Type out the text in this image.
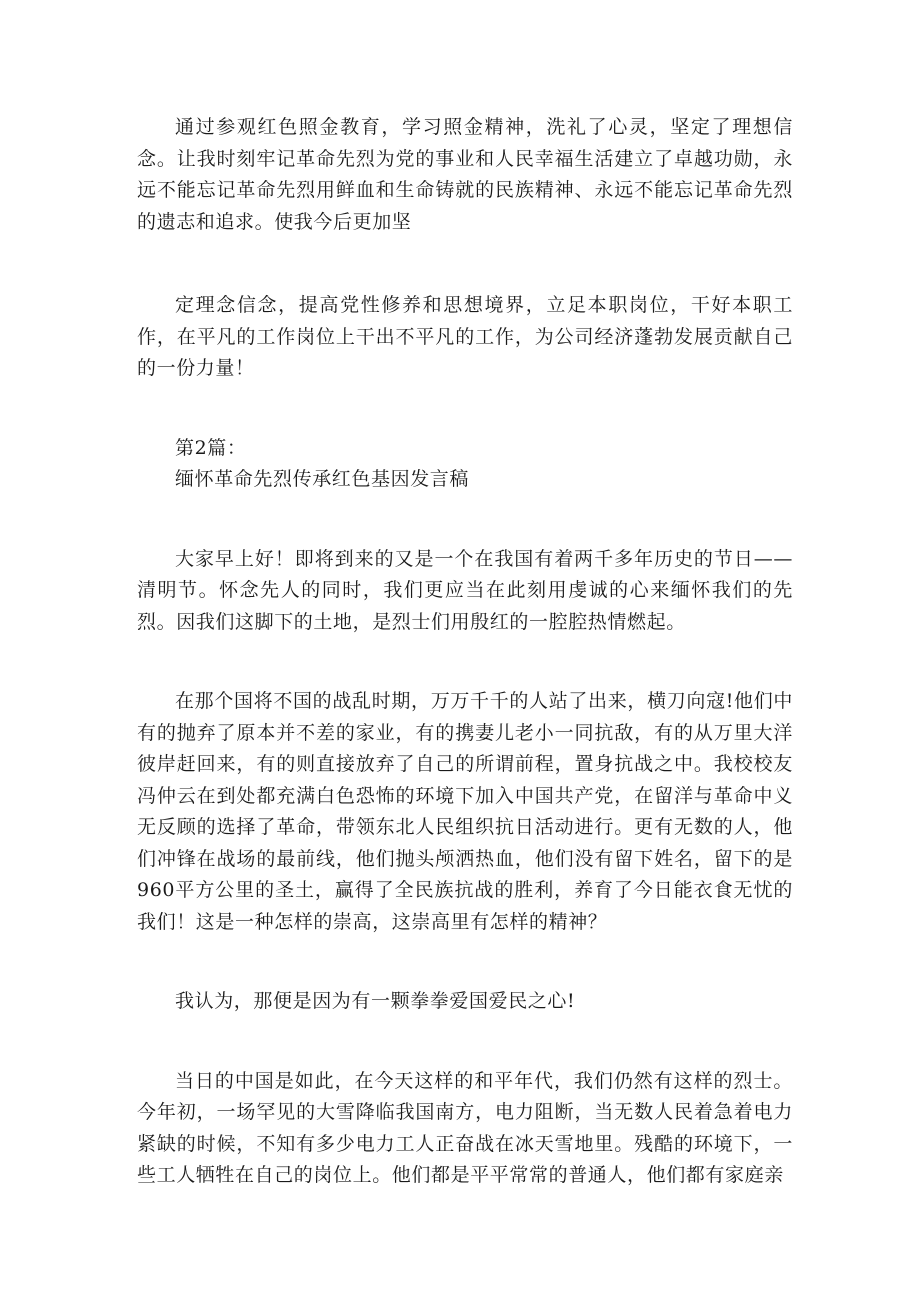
通过参观红色照金教育，学习照金精神，洗礼了心灵，坚定了理想信念。让我时刻牢记革命先烈为党的事业和人民幸福生活建立了卓越功勋，永远不能忘记革命先烈用鲜血和生命铸就的民族精神、永远不能忘记革命先烈的遗志和追求。使我今后更加坚

定理念信念，提高党性修养和思想境界，立足本职岗位，干好本职工作，在平凡的工作岗位上干出不平凡的工作，为公司经济蓬勃发展贡献自己的一份力量！

第2篇：

缅怀革命先烈传承红色基因发言稿

大家早上好！即将到来的又是一个在我国有着两千多年历史的节日——清明节。怀念先人的同时，我们更应当在此刻用虔诚的心来缅怀我们的先烈。因我们这脚下的土地，是烈士们用殷红的一腔腔热情燃起。

在那个国将不国的战乱时期，万万千千的人站了出来，横刀向寇!他们中有的抛弃了原本并不差的家业，有的携妻儿老小一同抗敌，有的从万里大洋彼岸赶回来，有的则直接放弃了自己的所谓前程，置身抗战之中。我校校友冯仲云在到处都充满白色恐怖的环境下加入中国共产党，在留洋与革命中义无反顾的选择了革命，带领东北人民组织抗日活动进行。更有无数的人，他们冲锋在战场的最前线，他们抛头颅洒热血，他们没有留下姓名，留下的是960平方公里的圣土，赢得了全民族抗战的胜利，养育了今日能衣食无忧的我们！这是一种怎样的崇高，这崇高里有怎样的精神？

我认为，那便是因为有一颗拳拳爱国爱民之心!

当日的中国是如此，在今天这样的和平年代，我们仍然有这样的烈士。今年初，一场罕见的大雪降临我国南方，电力阻断，当无数人民着急着电力紧缺的时候，不知有多少电力工人正奋战在冰天雪地里。残酷的环境下，一些工人牺牲在自己的岗位上。他们都是平平常常的普通人，他们都有家庭亲
